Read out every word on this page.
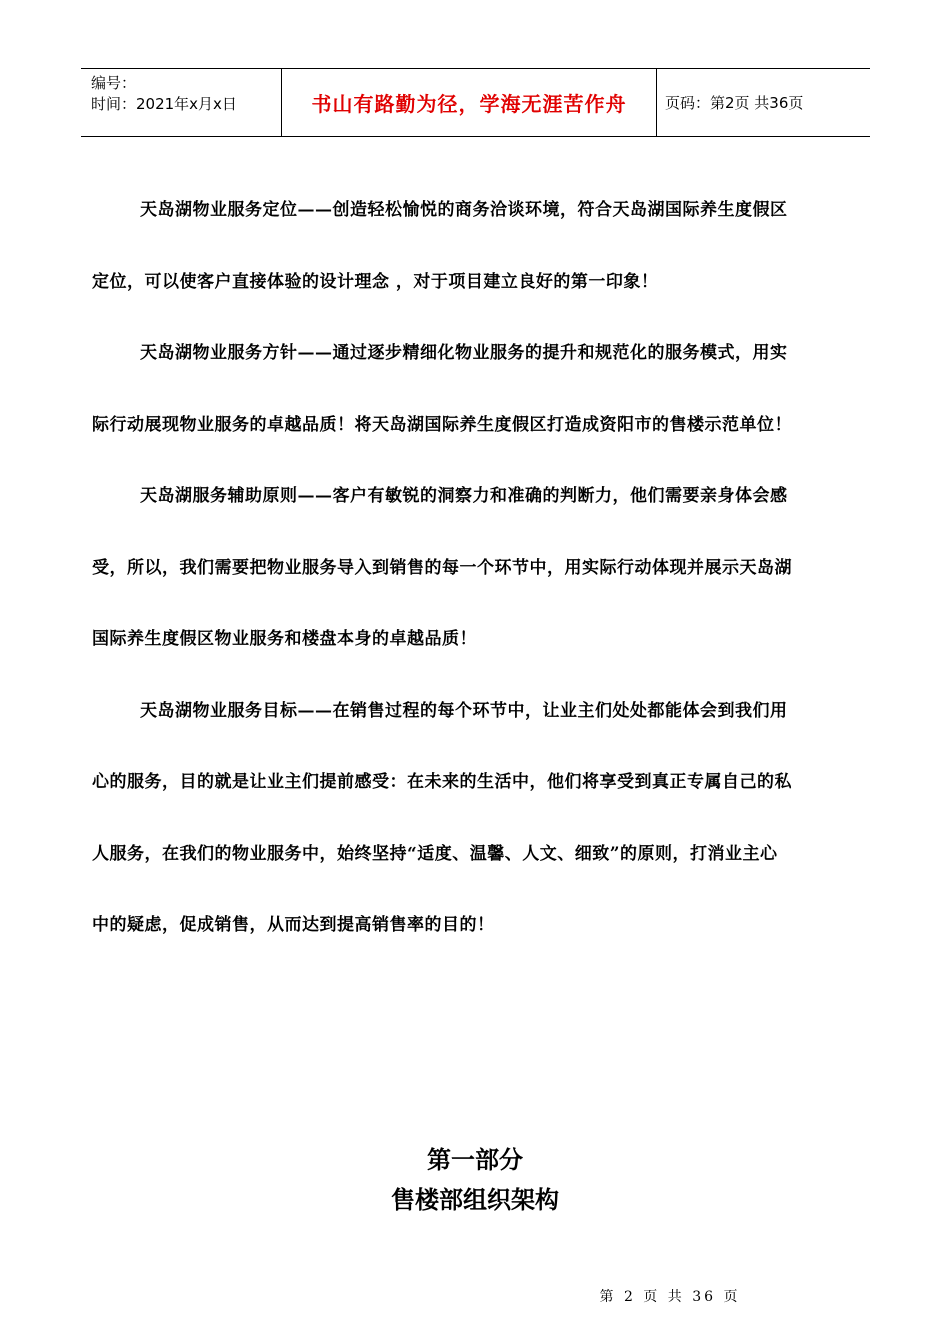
编号：
时间：2021年x月x日	书山有路勤为径，学海无涯苦作舟	页码：第2页 共36页

天岛湖物业服务定位——创造轻松愉悦的商务洽谈环境，符合天岛湖国际养生度假区

定位，可以使客户直接体验的设计理念 ，对于项目建立良好的第一印象！

天岛湖物业服务方针——通过逐步精细化物业服务的提升和规范化的服务模式，用实

际行动展现物业服务的卓越品质！将天岛湖国际养生度假区打造成资阳市的售楼示范单位！

天岛湖服务辅助原则——客户有敏锐的洞察力和准确的判断力，他们需要亲身体会感

受，所以，我们需要把物业服务导入到销售的每一个环节中，用实际行动体现并展示天岛湖

国际养生度假区物业服务和楼盘本身的卓越品质！

天岛湖物业服务目标——在销售过程的每个环节中，让业主们处处都能体会到我们用

心的服务，目的就是让业主们提前感受：在未来的生活中，他们将享受到真正专属自己的私

人服务，在我们的物业服务中，始终坚持“适度、温馨、人文、细致”的原则，打消业主心

中的疑虑，促成销售，从而达到提高销售率的目的！

第一部分
售楼部组织架构
第 2 页 共 36 页
